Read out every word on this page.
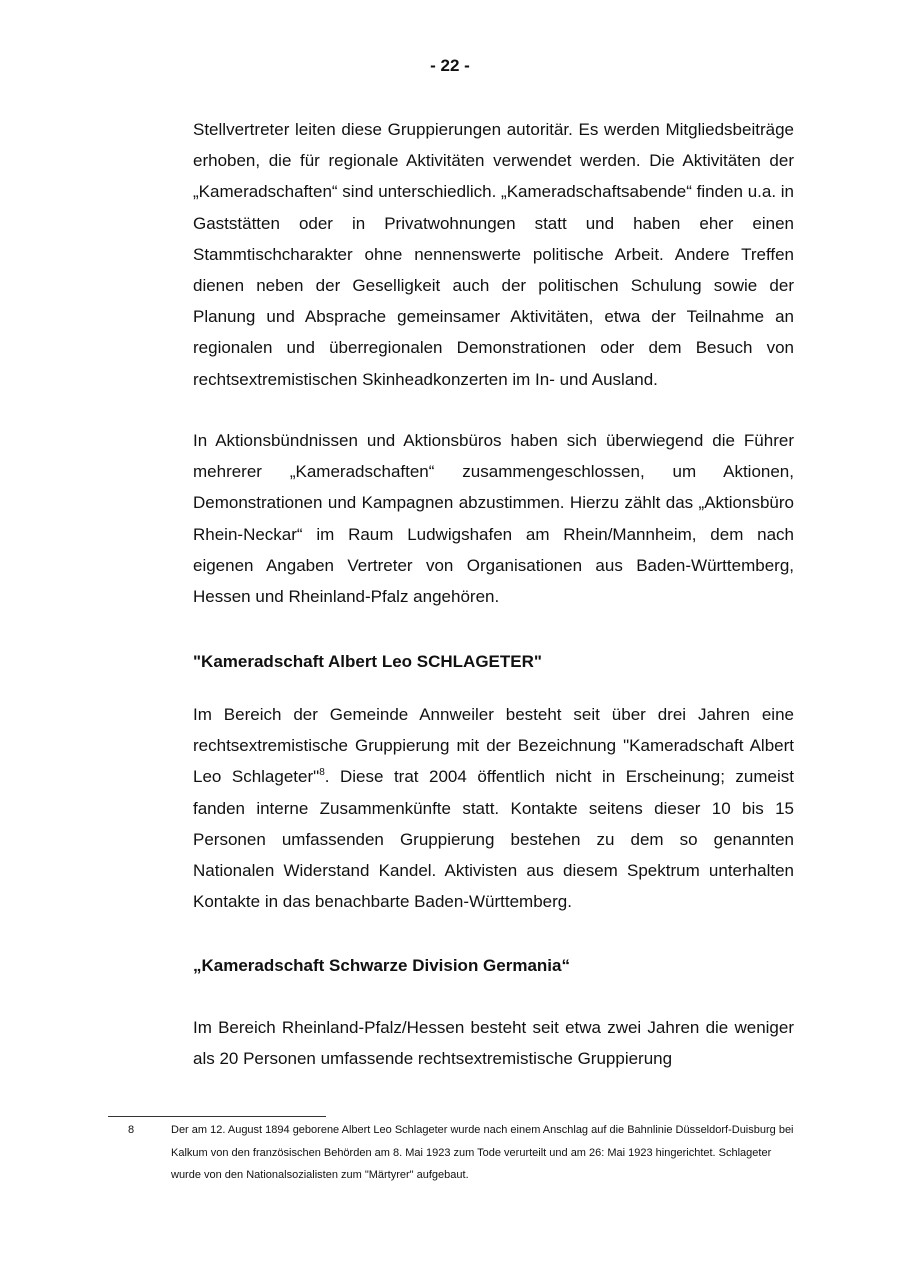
- 22 -

Stellvertreter leiten diese Gruppierungen autoritär. Es werden Mitgliedsbeiträge erhoben, die für regionale Aktivitäten verwendet werden. Die Aktivitäten der „Kameradschaften“ sind unterschiedlich. „Kameradschaftsabende“ finden u.a. in Gaststätten oder in Privatwohnungen statt und haben eher einen Stammtischcharakter ohne nennenswerte politische Arbeit. Andere Treffen dienen neben der Geselligkeit auch der politischen Schulung sowie der Planung und Absprache gemeinsamer Aktivitäten, etwa der Teilnahme an regionalen und überregionalen Demonstrationen oder dem Besuch von rechtsextremistischen Skinheadkonzerten im In- und Ausland.

In Aktionsbündnissen und Aktionsbüros haben sich überwiegend die Führer mehrerer „Kameradschaften“ zusammengeschlossen, um Aktionen, Demonstrationen und Kampagnen abzustimmen. Hierzu zählt das „Aktionsbüro Rhein-Neckar“ im Raum Ludwigshafen am Rhein/Mannheim, dem nach eigenen Angaben Vertreter von Organisationen aus Baden-Württemberg, Hessen und Rheinland-Pfalz angehören.

"Kameradschaft Albert Leo SCHLAGETER"

Im Bereich der Gemeinde Annweiler besteht seit über drei Jahren eine rechtsextremistische Gruppierung mit der Bezeichnung "Kameradschaft Albert Leo Schlageter"$^8$. Diese trat 2004 öffentlich nicht in Erscheinung; zumeist fanden interne Zusammenkünfte statt. Kontakte seitens dieser 10 bis 15 Personen umfassenden Gruppierung bestehen zu dem so genannten Nationalen Widerstand Kandel. Aktivisten aus diesem Spektrum unterhalten Kontakte in das benachbarte Baden-Württemberg.

„Kameradschaft Schwarze Division Germania“

Im Bereich Rheinland-Pfalz/Hessen besteht seit etwa zwei Jahren die weniger als 20 Personen umfassende rechtsextremistische Gruppierung

8	Der am 12. August 1894 geborene Albert Leo Schlageter wurde nach einem Anschlag auf die Bahnlinie Düsseldorf-Duisburg bei Kalkum von den französischen Behörden am 8. Mai 1923 zum Tode verurteilt und am 26: Mai 1923 hingerichtet. Schlageter wurde von den Nationalsozialisten zum "Märtyrer" aufgebaut.
